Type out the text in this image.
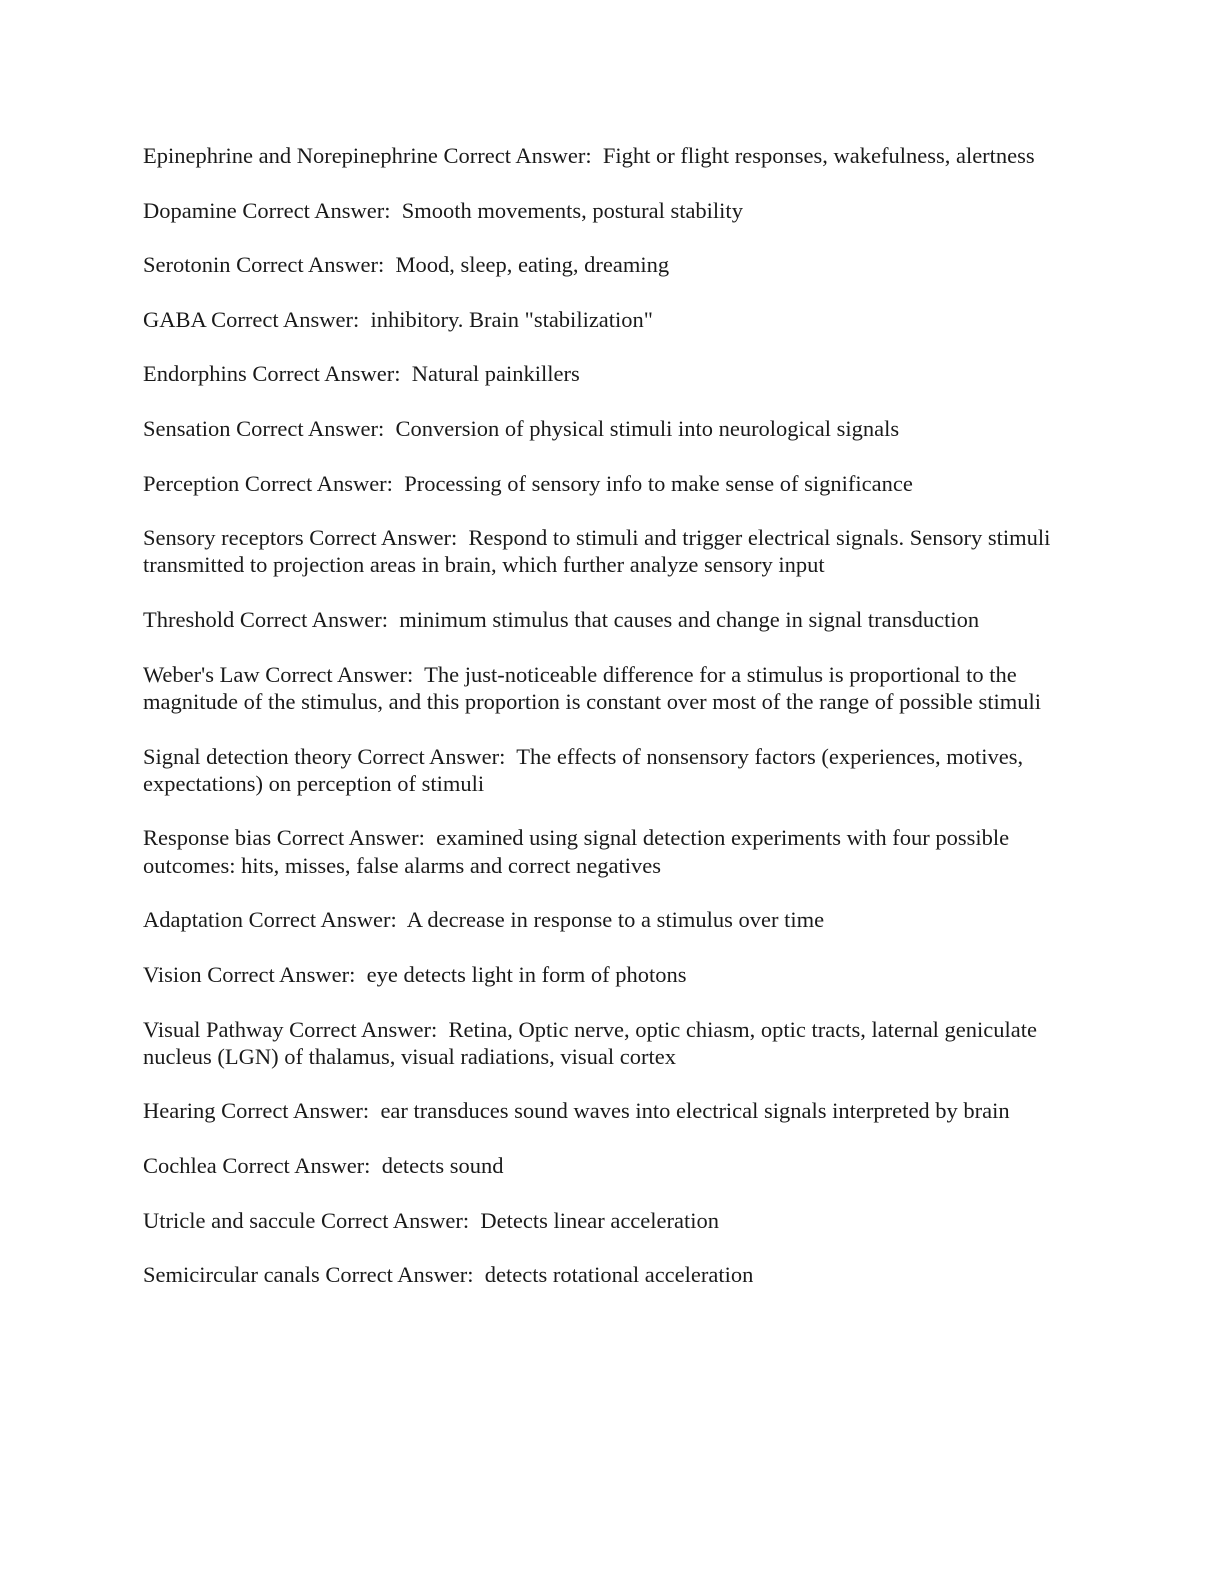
Epinephrine and Norepinephrine Correct Answer:  Fight or flight responses, wakefulness, alertness

Dopamine Correct Answer:  Smooth movements, postural stability

Serotonin Correct Answer:  Mood, sleep, eating, dreaming

GABA Correct Answer:  inhibitory. Brain "stabilization"

Endorphins Correct Answer:  Natural painkillers

Sensation Correct Answer:  Conversion of physical stimuli into neurological signals

Perception Correct Answer:  Processing of sensory info to make sense of significance

Sensory receptors Correct Answer:  Respond to stimuli and trigger electrical signals. Sensory stimuli transmitted to projection areas in brain, which further analyze sensory input

Threshold Correct Answer:  minimum stimulus that causes and change in signal transduction

Weber's Law Correct Answer:  The just-noticeable difference for a stimulus is proportional to the magnitude of the stimulus, and this proportion is constant over most of the range of possible stimuli

Signal detection theory Correct Answer:  The effects of nonsensory factors (experiences, motives, expectations) on perception of stimuli

Response bias Correct Answer:  examined using signal detection experiments with four possible outcomes: hits, misses, false alarms and correct negatives

Adaptation Correct Answer:  A decrease in response to a stimulus over time

Vision Correct Answer:  eye detects light in form of photons

Visual Pathway Correct Answer:  Retina, Optic nerve, optic chiasm, optic tracts, laternal geniculate nucleus (LGN) of thalamus, visual radiations, visual cortex

Hearing Correct Answer:  ear transduces sound waves into electrical signals interpreted by brain

Cochlea Correct Answer:  detects sound

Utricle and saccule Correct Answer:  Detects linear acceleration

Semicircular canals Correct Answer:  detects rotational acceleration
